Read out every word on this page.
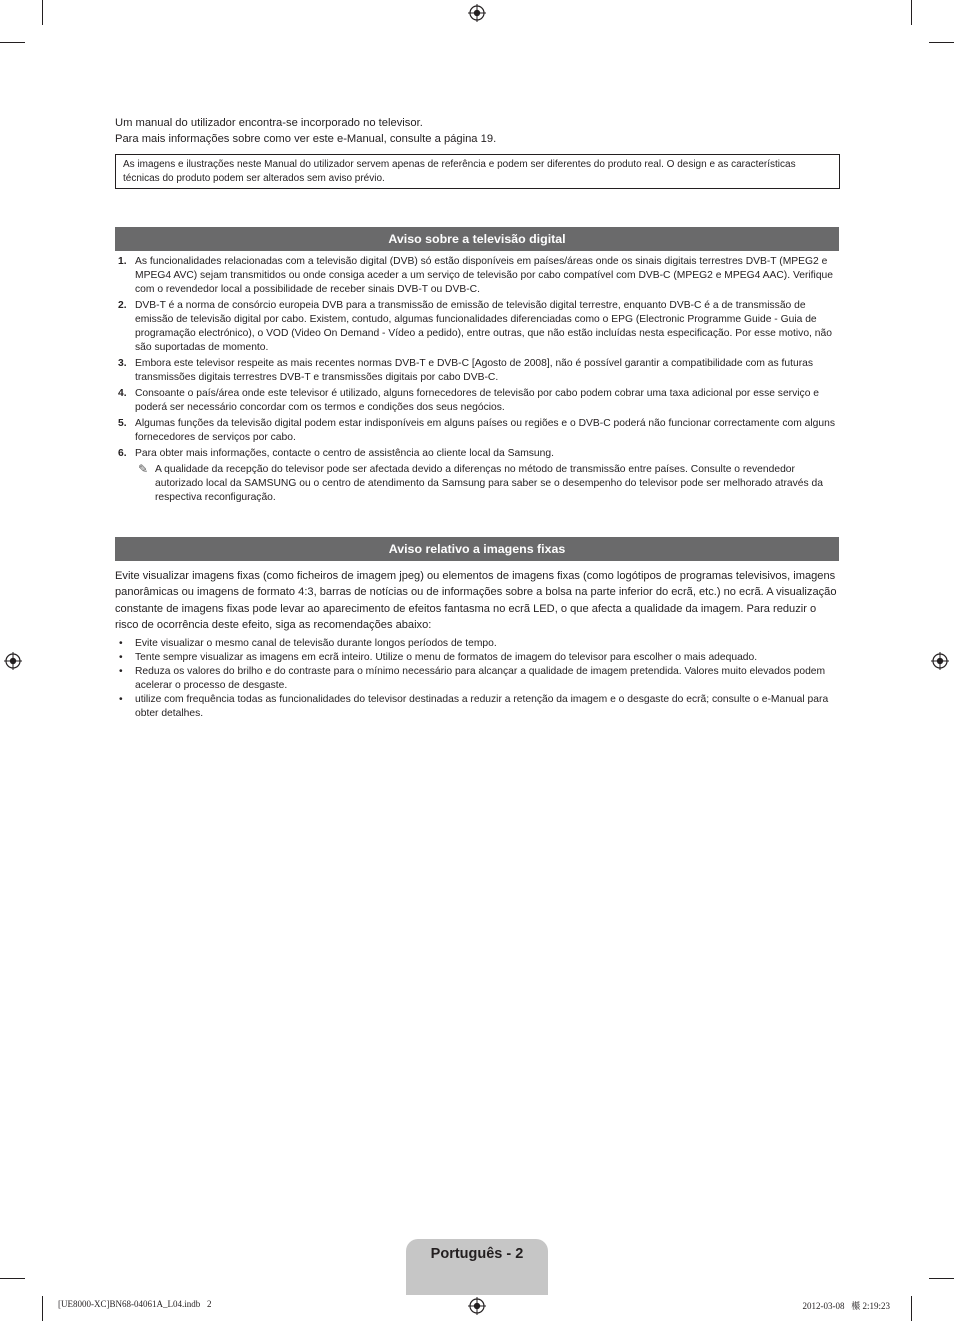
Um manual do utilizador encontra-se incorporado no televisor.
Para mais informações sobre como ver este e-Manual, consulte a página 19.
As imagens e ilustrações neste Manual do utilizador servem apenas de referência e podem ser diferentes do produto real. O design e as características técnicas do produto podem ser alterados sem aviso prévio.
Aviso sobre a televisão digital
1. As funcionalidades relacionadas com a televisão digital (DVB) só estão disponíveis em países/áreas onde os sinais digitais terrestres DVB-T (MPEG2 e MPEG4 AVC) sejam transmitidos ou onde consiga aceder a um serviço de televisão por cabo compatível com DVB-C (MPEG2 e MPEG4 AAC). Verifique com o revendedor local a possibilidade de receber sinais DVB-T ou DVB-C.
2. DVB-T é a norma de consórcio europeia DVB para a transmissão de emissão de televisão digital terrestre, enquanto DVB-C é a de transmissão de emissão de televisão digital por cabo. Existem, contudo, algumas funcionalidades diferenciadas como o EPG (Electronic Programme Guide - Guia de programação electrónico), o VOD (Video On Demand - Vídeo a pedido), entre outras, que não estão incluídas nesta especificação. Por esse motivo, não são suportadas de momento.
3. Embora este televisor respeite as mais recentes normas DVB-T e DVB-C [Agosto de 2008], não é possível garantir a compatibilidade com as futuras transmissões digitais terrestres DVB-T e transmissões digitais por cabo DVB-C.
4. Consoante o país/área onde este televisor é utilizado, alguns fornecedores de televisão por cabo podem cobrar uma taxa adicional por esse serviço e poderá ser necessário concordar com os termos e condições dos seus negócios.
5. Algumas funções da televisão digital podem estar indisponíveis em alguns países ou regiões e o DVB-C poderá não funcionar correctamente com alguns fornecedores de serviços por cabo.
6. Para obter mais informações, contacte o centro de assistência ao cliente local da Samsung.
✎ A qualidade da recepção do televisor pode ser afectada devido a diferenças no método de transmissão entre países. Consulte o revendedor autorizado local da SAMSUNG ou o centro de atendimento da Samsung para saber se o desempenho do televisor pode ser melhorado através da respectiva reconfiguração.
Aviso relativo a imagens fixas
Evite visualizar imagens fixas (como ficheiros de imagem jpeg) ou elementos de imagens fixas (como logótipos de programas televisivos, imagens panorâmicas ou imagens de formato 4:3, barras de notícias ou de informações sobre a bolsa na parte inferior do ecrã, etc.) no ecrã. A visualização constante de imagens fixas pode levar ao aparecimento de efeitos fantasma no ecrã LED, o que afecta a qualidade da imagem. Para reduzir o risco de ocorrência deste efeito, siga as recomendações abaixo:
• Evite visualizar o mesmo canal de televisão durante longos períodos de tempo.
• Tente sempre visualizar as imagens em ecrã inteiro. Utilize o menu de formatos de imagem do televisor para escolher o mais adequado.
• Reduza os valores do brilho e do contraste para o mínimo necessário para alcançar a qualidade de imagem pretendida. Valores muito elevados podem acelerar o processo de desgaste.
• utilize com frequência todas as funcionalidades do televisor destinadas a reduzir a retenção da imagem e o desgaste do ecrã; consulte o e-Manual para obter detalhes.
Português - 2
[UE8000-XC]BN68-04061A_L04.indb   2	2012-03-08   櫀 2:19:23
